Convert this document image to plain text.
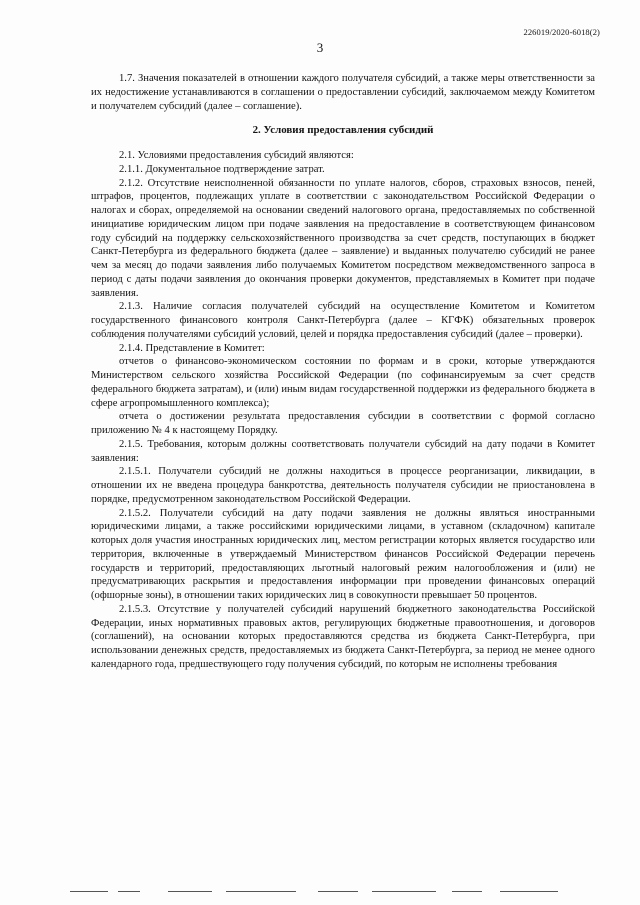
226019/2020-6018(2)
3

1.7. Значения показателей в отношении каждого получателя субсидий, а также меры ответственности за их недостижение устанавливаются в соглашении о предоставлении субсидий, заключаемом между Комитетом и получателем субсидий (далее – соглашение).

2. Условия предоставления субсидий

2.1. Условиями предоставления субсидий являются:

2.1.1. Документальное подтверждение затрат.

2.1.2. Отсутствие неисполненной обязанности по уплате налогов, сборов, страховых взносов, пеней, штрафов, процентов, подлежащих уплате в соответствии с законодательством Российской Федерации о налогах и сборах, определяемой на основании сведений налогового органа, предоставляемых по собственной инициативе юридическим лицом при подаче заявления на предоставление в соответствующем финансовом году субсидий на поддержку сельскохозяйственного производства за счет средств, поступающих в бюджет Санкт-Петербурга из федерального бюджета (далее – заявление) и выданных получателю субсидий не ранее чем за месяц до подачи заявления либо получаемых Комитетом посредством межведомственного запроса в период с даты подачи заявления до окончания проверки документов, представляемых в Комитет при подаче заявления.

2.1.3. Наличие согласия получателей субсидий на осуществление Комитетом и Комитетом государственного финансового контроля Санкт-Петербурга (далее – КГФК) обязательных проверок соблюдения получателями субсидий условий, целей и порядка предоставления субсидий (далее – проверки).

2.1.4. Представление в Комитет:

отчетов о финансово-экономическом состоянии по формам и в сроки, которые утверждаются Министерством сельского хозяйства Российской Федерации (по софинансируемым за счет средств федерального бюджета затратам), и (или) иным видам государственной поддержки из федерального бюджета в сфере агропромышленного комплекса);

отчета о достижении результата предоставления субсидии в соответствии с формой согласно приложению № 4 к настоящему Порядку.

2.1.5. Требования, которым должны соответствовать получатели субсидий на дату подачи в Комитет заявления:

2.1.5.1. Получатели субсидий не должны находиться в процессе реорганизации, ликвидации, в отношении их не введена процедура банкротства, деятельность получателя субсидии не приостановлена в порядке, предусмотренном законодательством Российской Федерации.

2.1.5.2. Получатели субсидий на дату подачи заявления не должны являться иностранными юридическими лицами, а также российскими юридическими лицами, в уставном (складочном) капитале которых доля участия иностранных юридических лиц, местом регистрации которых является государство или территория, включенные в утверждаемый Министерством финансов Российской Федерации перечень государств и территорий, предоставляющих льготный налоговый режим налогообложения и (или) не предусматривающих раскрытия и предоставления информации при проведении финансовых операций (офшорные зоны), в отношении таких юридических лиц в совокупности превышает 50 процентов.

2.1.5.3. Отсутствие у получателей субсидий нарушений бюджетного законодательства Российской Федерации, иных нормативных правовых актов, регулирующих бюджетные правоотношения, и договоров (соглашений), на основании которых предоставляются средства из бюджета Санкт-Петербурга, при использовании денежных средств, предоставляемых из бюджета Санкт-Петербурга, за период не менее одного календарного года, предшествующего году получения субсидий, по которым не исполнены требования
